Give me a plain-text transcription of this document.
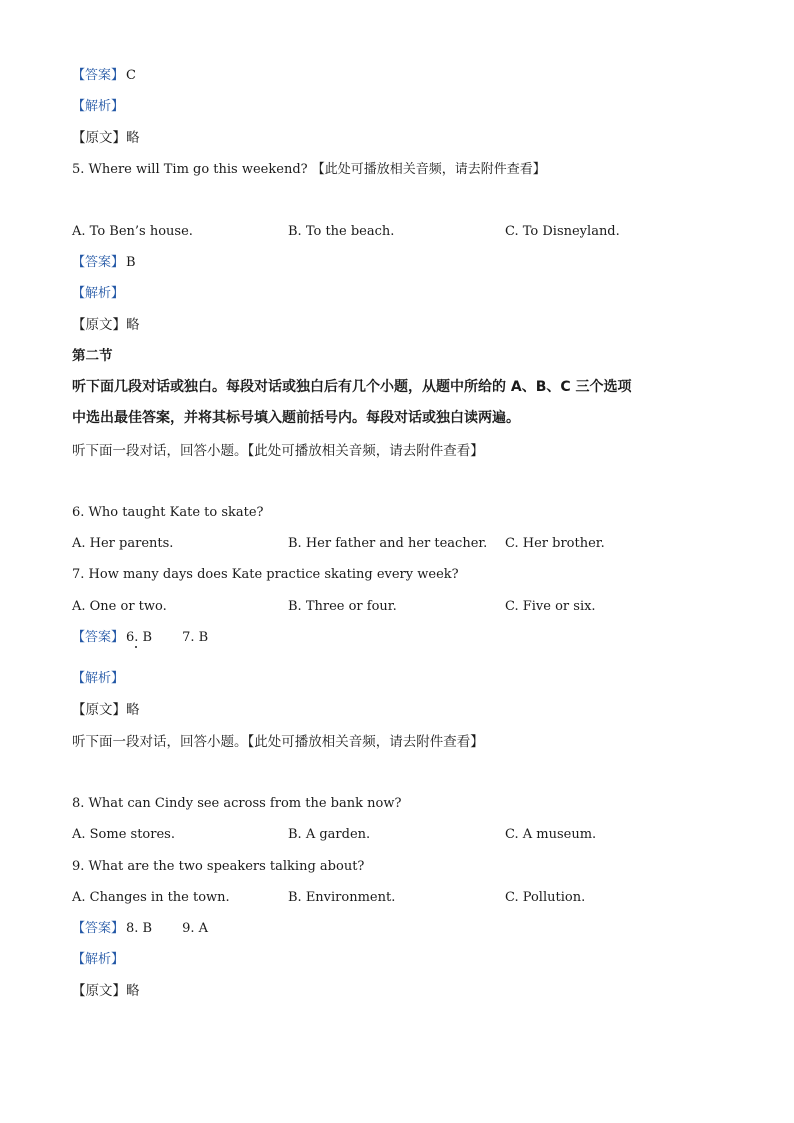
【答案】 C
【解析】
【原文】略
5. Where will Tim go this weekend? 【此处可播放相关音频，请去附件查看】
A. To Ben’s house.	B. To the beach.	C. To Disneyland.
【答案】 B
【解析】
【原文】略
第二节
听下面几段对话或独白。每段对话或独白后有几个小题，从题中所给的 A、B、C 三个选项
中选出最佳答案，并将其标号填入题前括号内。每段对话或独白读两遍。
听下面一段对话，回答小题。【此处可播放相关音频，请去附件查看】
6. Who taught Kate to skate?
A. Her parents.	B. Her father and her teacher. C. Her brother.
7. How many days does Kate practice skating every week?
A. One or two.	B. Three or four.	C. Five or six.
【答案】 6. B 7. B
【解析】
【原文】略
听下面一段对话，回答小题。【此处可播放相关音频，请去附件查看】
8. What can Cindy see across from the bank now?
A. Some stores.	B. A garden.	C. A museum.
9. What are the two speakers talking about?
A. Changes in the town.	B. Environment.	C. Pollution.
【答案】 8. B 9. A
【解析】
【原文】略
